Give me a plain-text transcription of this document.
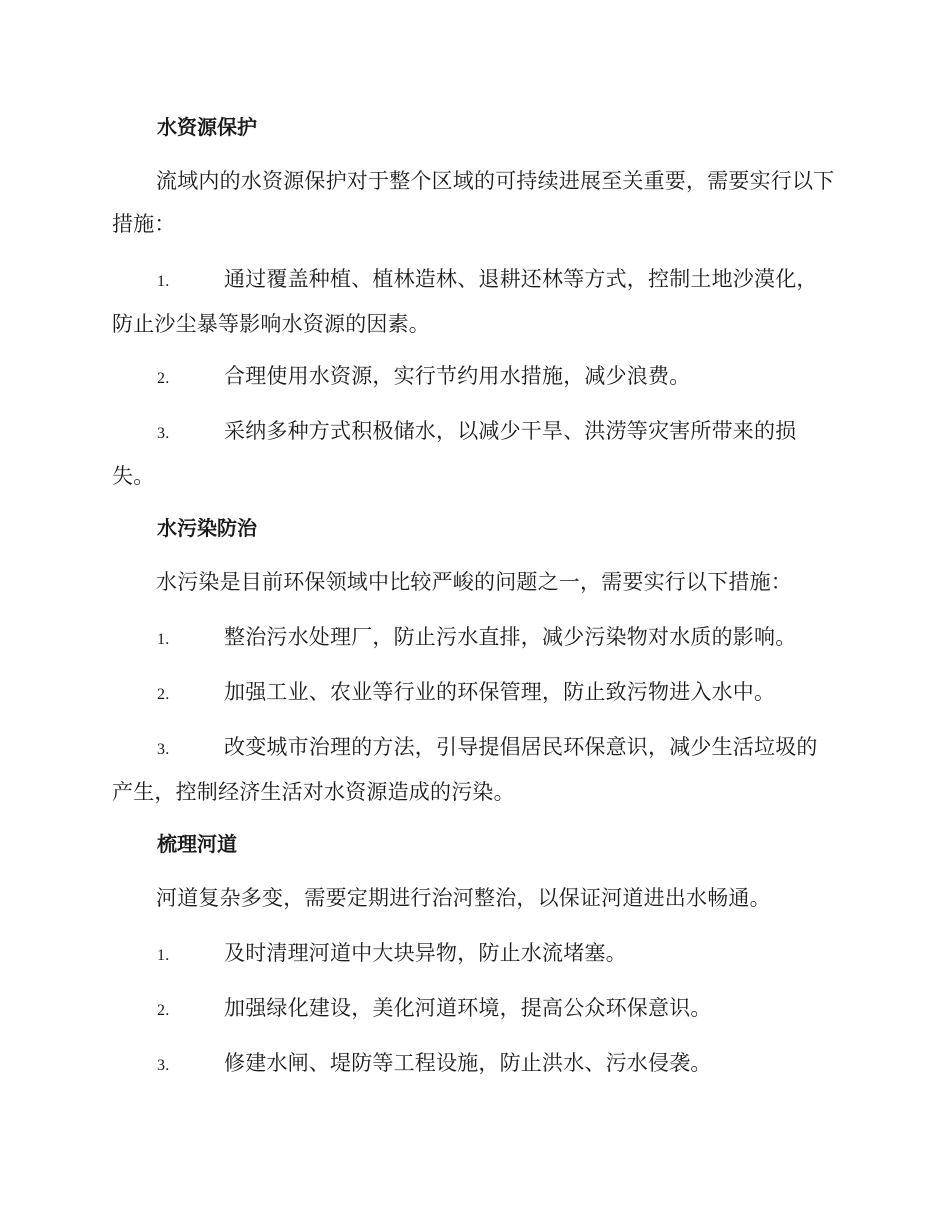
水资源保护
流域内的水资源保护对于整个区域的可持续进展至关重要，需要实行以下措施：
1.	通过覆盖种植、植林造林、退耕还林等方式，控制土地沙漠化，防止沙尘暴等影响水资源的因素。
2.	合理使用水资源，实行节约用水措施，减少浪费。
3.	采纳多种方式积极储水，以减少干旱、洪涝等灾害所带来的损失。
水污染防治
水污染是目前环保领域中比较严峻的问题之一，需要实行以下措施：
1.	整治污水处理厂，防止污水直排，减少污染物对水质的影响。
2.	加强工业、农业等行业的环保管理，防止致污物进入水中。
3.	改变城市治理的方法，引导提倡居民环保意识，减少生活垃圾的产生，控制经济生活对水资源造成的污染。
梳理河道
河道复杂多变，需要定期进行治河整治，以保证河道进出水畅通。
1.	及时清理河道中大块异物，防止水流堵塞。
2.	加强绿化建设，美化河道环境，提高公众环保意识。
3.	修建水闸、堤防等工程设施，防止洪水、污水侵袭。
